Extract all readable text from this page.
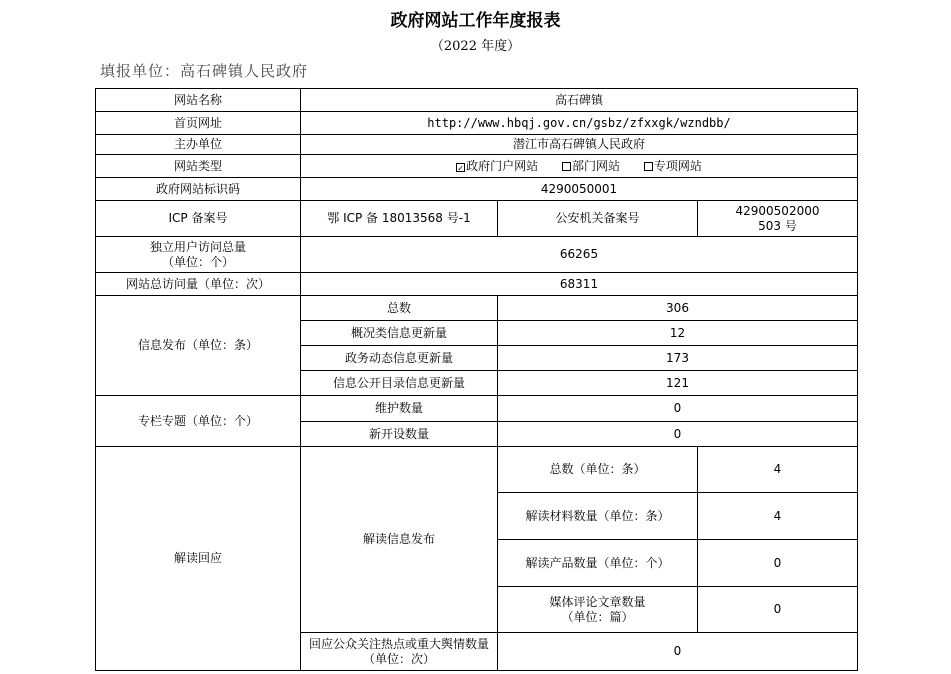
政府网站工作年度报表
（2022 年度）
填报单位：高石碑镇人民政府
网站名称	高石碑镇		
首页网址	http://www.hbqj.gov.cn/gsbz/zfxxgk/wzndbb/		
主办单位	潜江市高石碑镇人民政府		
网站类型	✓ 政府门户网站 部门网站 专项网站		
政府网站标识码	4290050001		
ICP 备案号	鄂 ICP 备 18013568 号-1	公安机关备案号	42900502000
503 号

独立用户访问总量
（单位：个）	66265		
网站总访问量（单位：次）	68311		
信息发布（单位：条）	总数	306	
	概况类信息更新量	12	
	政务动态信息更新量	173	
	信息公开目录信息更新量	121	
专栏专题（单位：个）	维护数量	0	
	新开设数量	0	
解读回应	解读信息发布	总数（单位：条）	4
		解读材料数量（单位：条）	4
		解读产品数量（单位：个）	0

		媒体评论文章数量
（单位：篇）	0

	回应公众关注热点或重大舆情数量
（单位：次）	0	
